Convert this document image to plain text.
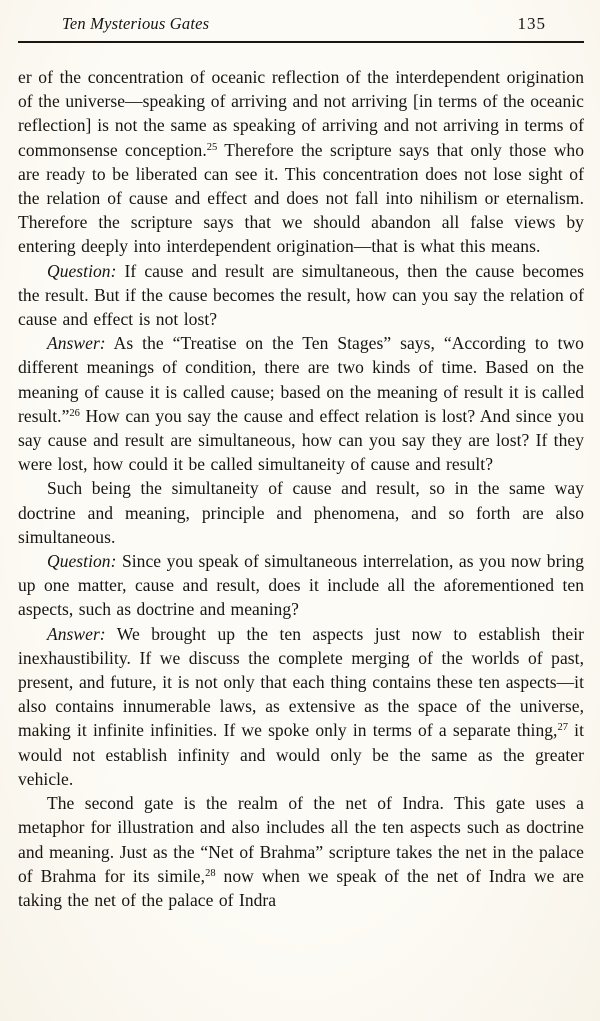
Ten Mysterious Gates	135

er of the concentration of oceanic reflection of the interdependent origination of the universe—speaking of arriving and not arriving [in terms of the oceanic reflection] is not the same as speaking of arriving and not arriving in terms of commonsense conception.$^{25}$ Therefore the scripture says that only those who are ready to be liberated can see it. This concentration does not lose sight of the relation of cause and effect and does not fall into nihilism or eternalism. Therefore the scripture says that we should abandon all false views by entering deeply into interdependent origination—that is what this means.

Question: If cause and result are simultaneous, then the cause becomes the result. But if the cause becomes the result, how can you say the relation of cause and effect is not lost?

Answer: As the “Treatise on the Ten Stages” says, “According to two different meanings of condition, there are two kinds of time. Based on the meaning of cause it is called cause; based on the meaning of result it is called result.”$^{26}$ How can you say the cause and effect relation is lost? And since you say cause and result are simultaneous, how can you say they are lost? If they were lost, how could it be called simultaneity of cause and result?

Such being the simultaneity of cause and result, so in the same way doctrine and meaning, principle and phenomena, and so forth are also simultaneous.

Question: Since you speak of simultaneous interrelation, as you now bring up one matter, cause and result, does it include all the aforementioned ten aspects, such as doctrine and meaning?

Answer: We brought up the ten aspects just now to establish their inexhaustibility. If we discuss the complete merging of the worlds of past, present, and future, it is not only that each thing contains these ten aspects—it also contains innumerable laws, as extensive as the space of the universe, making it infinite infinities. If we spoke only in terms of a separate thing,$^{27}$ it would not establish infinity and would only be the same as the greater vehicle.

The second gate is the realm of the net of Indra. This gate uses a metaphor for illustration and also includes all the ten aspects such as doctrine and meaning. Just as the “Net of Brahma” scripture takes the net in the palace of Brahma for its simile,$^{28}$ now when we speak of the net of Indra we are taking the net of the palace of Indra
